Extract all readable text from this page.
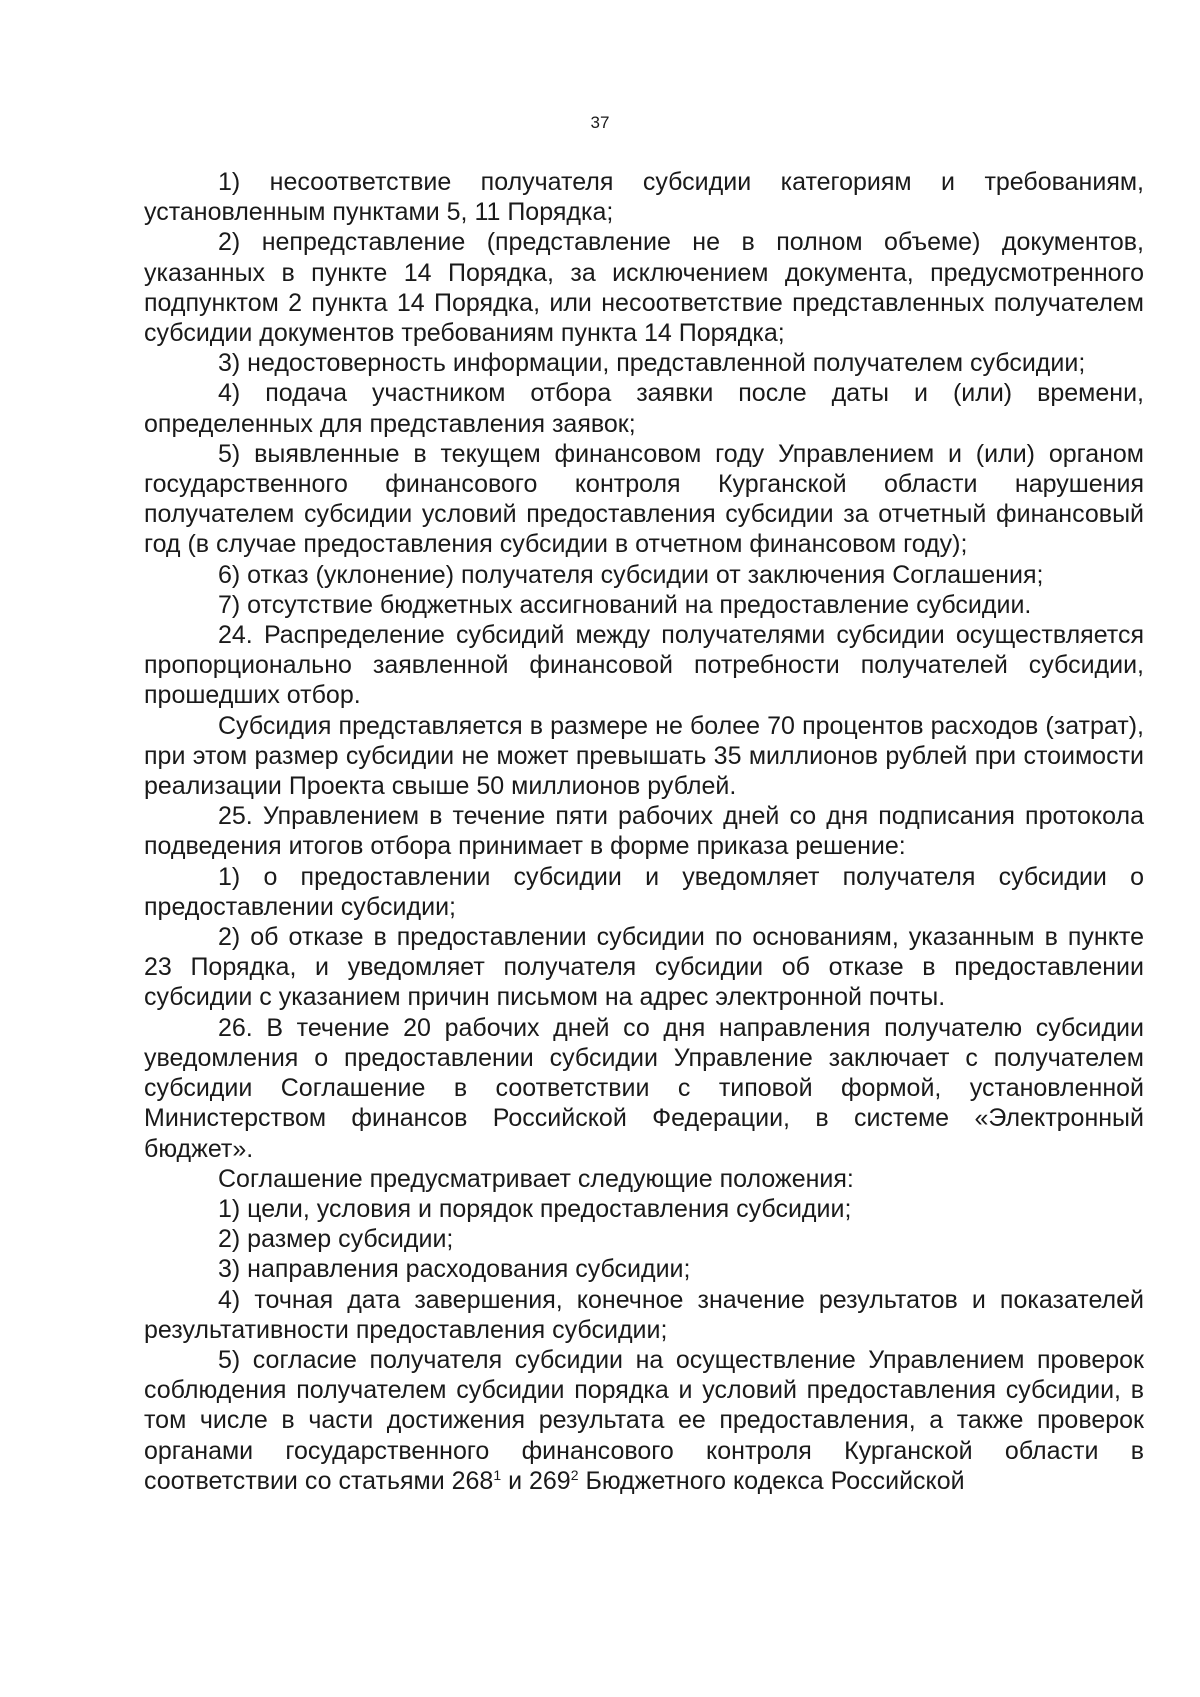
37

1) несоответствие получателя субсидии категориям и требованиям, установленным пунктами 5, 11 Порядка;

2) непредставление (представление не в полном объеме) документов, указанных в пункте 14 Порядка, за исключением документа, предусмотренного подпунктом 2 пункта 14 Порядка, или несоответствие представленных получателем субсидии документов требованиям пункта 14 Порядка;

3) недостоверность информации, представленной получателем субсидии;

4) подача участником отбора заявки после даты и (или) времени, определенных для представления заявок;

5) выявленные в текущем финансовом году Управлением и (или) органом государственного финансового контроля Курганской области нарушения получателем субсидии условий предоставления субсидии за отчетный финансовый год (в случае предоставления субсидии в отчетном финансовом году);

6) отказ (уклонение) получателя субсидии от заключения Соглашения;

7) отсутствие бюджетных ассигнований на предоставление субсидии.

24. Распределение субсидий между получателями субсидии осуществляется пропорционально заявленной финансовой потребности получателей субсидии, прошедших отбор.

Субсидия представляется в размере не более 70 процентов расходов (затрат), при этом размер субсидии не может превышать 35 миллионов рублей при стоимости реализации Проекта свыше 50 миллионов рублей.

25. Управлением в течение пяти рабочих дней со дня подписания протокола подведения итогов отбора принимает в форме приказа решение:

1) о предоставлении субсидии и уведомляет получателя субсидии о предоставлении субсидии;

2) об отказе в предоставлении субсидии по основаниям, указанным в пункте 23 Порядка, и уведомляет получателя субсидии об отказе в предоставлении субсидии с указанием причин письмом на адрес электронной почты.

26. В течение 20 рабочих дней со дня направления получателю субсидии уведомления о предоставлении субсидии Управление заключает с получателем субсидии Соглашение в соответствии с типовой формой, установленной Министерством финансов Российской Федерации, в системе «Электронный бюджет».

Соглашение предусматривает следующие положения:

1) цели, условия и порядок предоставления субсидии;

2) размер субсидии;

3) направления расходования субсидии;

4) точная дата завершения, конечное значение результатов и показателей результативности предоставления субсидии;

5) согласие получателя субсидии на осуществление Управлением проверок соблюдения получателем субсидии порядка и условий предоставления субсидии, в том числе в части достижения результата ее предоставления, а также проверок органами государственного финансового контроля Курганской области в соответствии со статьями $268^1$ и $269^2$ Бюджетного кодекса Российской
